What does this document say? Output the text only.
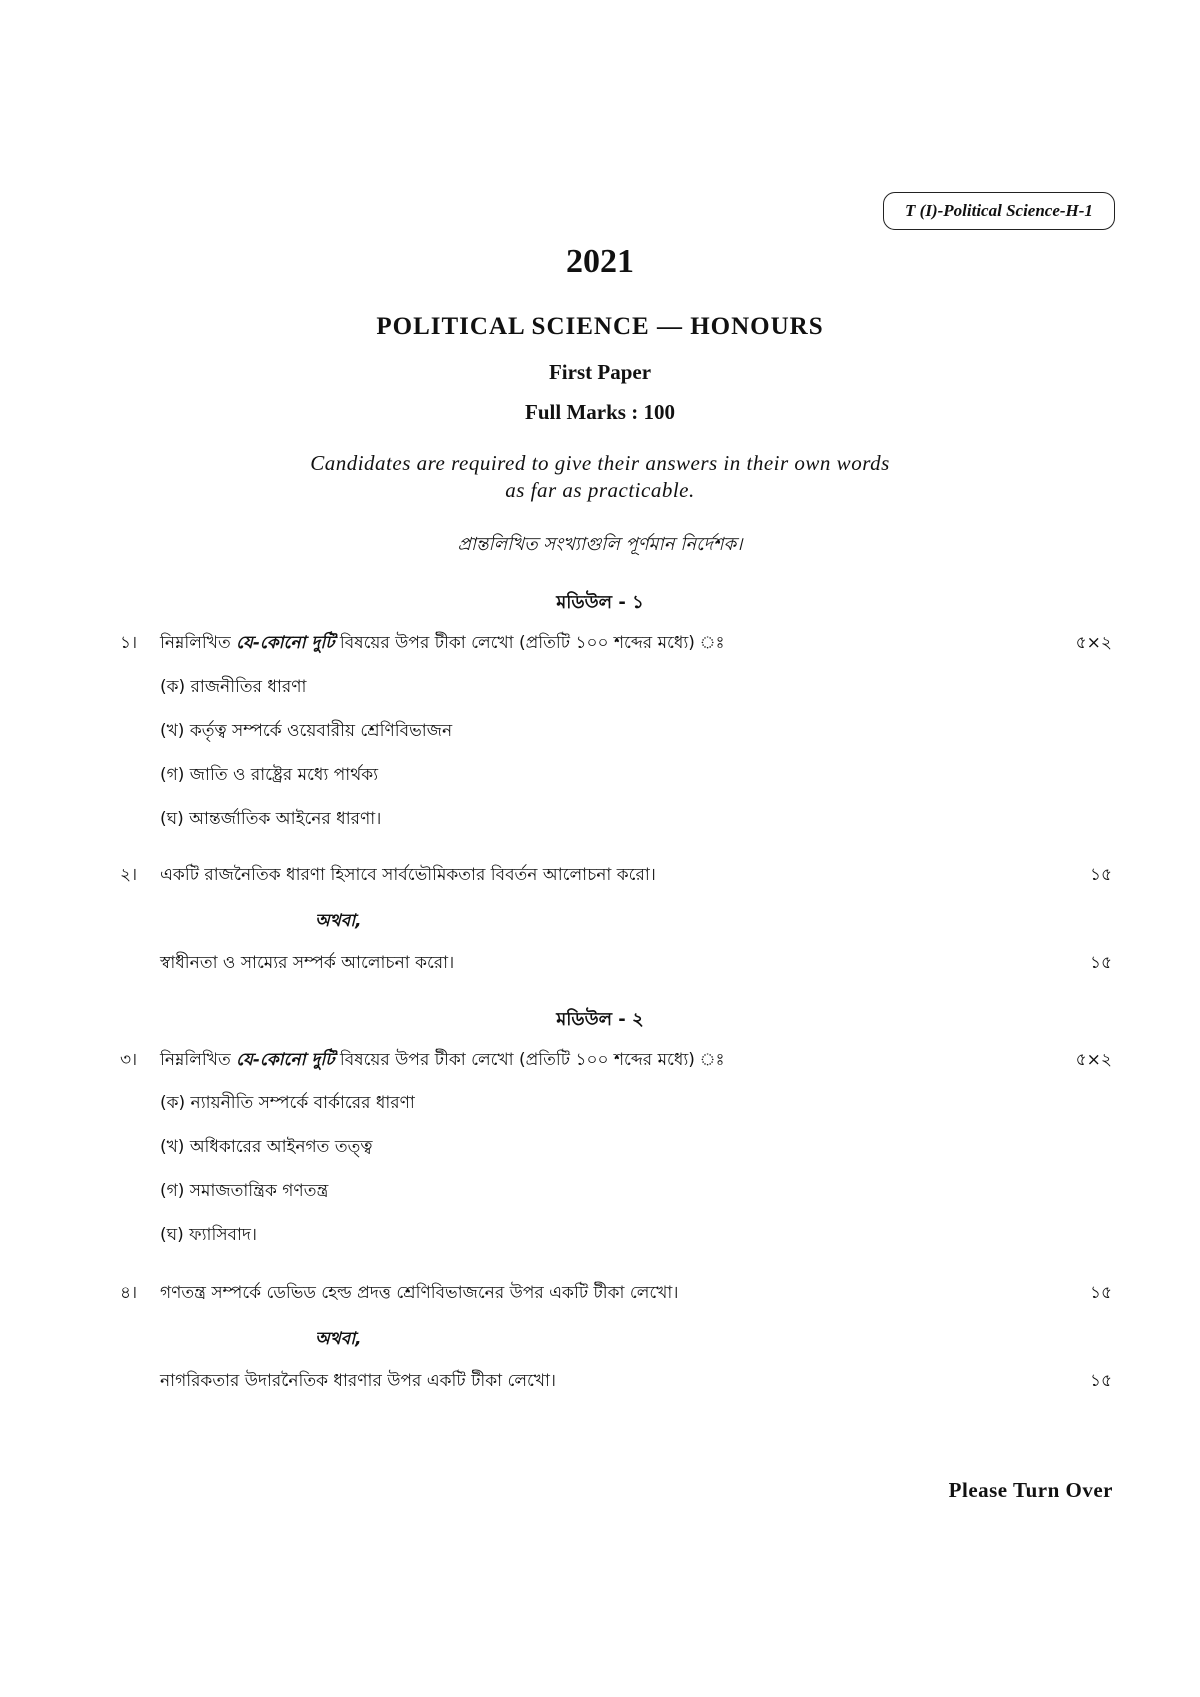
T (I)-Political Science-H-1
2021
POLITICAL SCIENCE — HONOURS
First Paper
Full Marks : 100
Candidates are required to give their answers in their own words
as far as practicable.
প্রান্তলিখিত সংখ্যাগুলি পূর্ণমান নির্দেশক।
মডিউল - ১
১। নিম্নলিখিত যে-কোনো দুটি বিষয়ের উপর টীকা লেখো (প্রতিটি ১০০ শব্দের মধ্যে) ঃ	৫×২
(ক) রাজনীতির ধারণা
(খ) কর্তৃত্ব সম্পর্কে ওয়েবারীয় শ্রেণিবিভাজন
(গ) জাতি ও রাষ্ট্রের মধ্যে পার্থক্য
(ঘ) আন্তর্জাতিক আইনের ধারণা।
২। একটি রাজনৈতিক ধারণা হিসাবে সার্বভৌমিকতার বিবর্তন আলোচনা করো।	১৫
অথবা,
স্বাধীনতা ও সাম্যের সম্পর্ক আলোচনা করো।	১৫
মডিউল - ২
৩। নিম্নলিখিত যে-কোনো দুটি বিষয়ের উপর টীকা লেখো (প্রতিটি ১০০ শব্দের মধ্যে) ঃ	৫×২
(ক) ন্যায়নীতি সম্পর্কে বার্কারের ধারণা
(খ) অধিকারের আইনগত তত্ত্ব
(গ) সমাজতান্ত্রিক গণতন্ত্র
(ঘ) ফ্যাসিবাদ।
৪। গণতন্ত্র সম্পর্কে ডেভিড হেল্ড প্রদত্ত শ্রেণিবিভাজনের উপর একটি টীকা লেখো।	১৫
অথবা,
নাগরিকতার উদারনৈতিক ধারণার উপর একটি টীকা লেখো।	১৫
Please Turn Over
